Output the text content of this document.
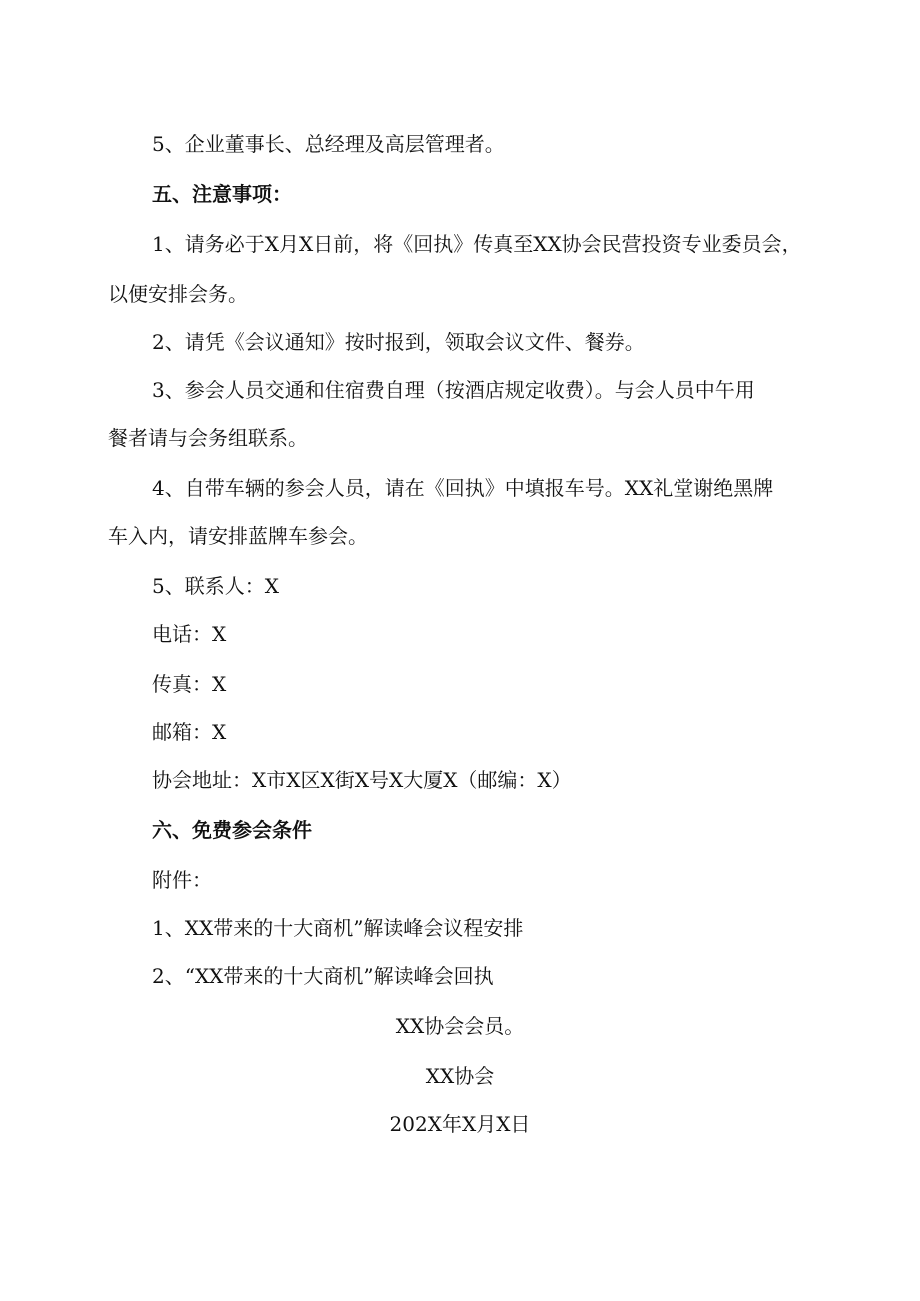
5、企业董事长、总经理及高层管理者。
五、注意事项：
1、请务必于X月X日前，将《回执》传真至XX协会民营投资专业委员会，
以便安排会务。
2、请凭《会议通知》按时报到，领取会议文件、餐券。
3、参会人员交通和住宿费自理（按酒店规定收费）。与会人员中午用
餐者请与会务组联系。
4、自带车辆的参会人员，请在《回执》中填报车号。XX礼堂谢绝黑牌
车入内，请安排蓝牌车参会。
5、联系人：X
电话：X
传真：X
邮箱：X
协会地址：X市X区X街X号X大厦X（邮编：X）
六、免费参会条件
附件：
1、XX带来的十大商机”解读峰会议程安排
2、“XX带来的十大商机”解读峰会回执
XX协会会员。
XX协会
202X年X月X日
